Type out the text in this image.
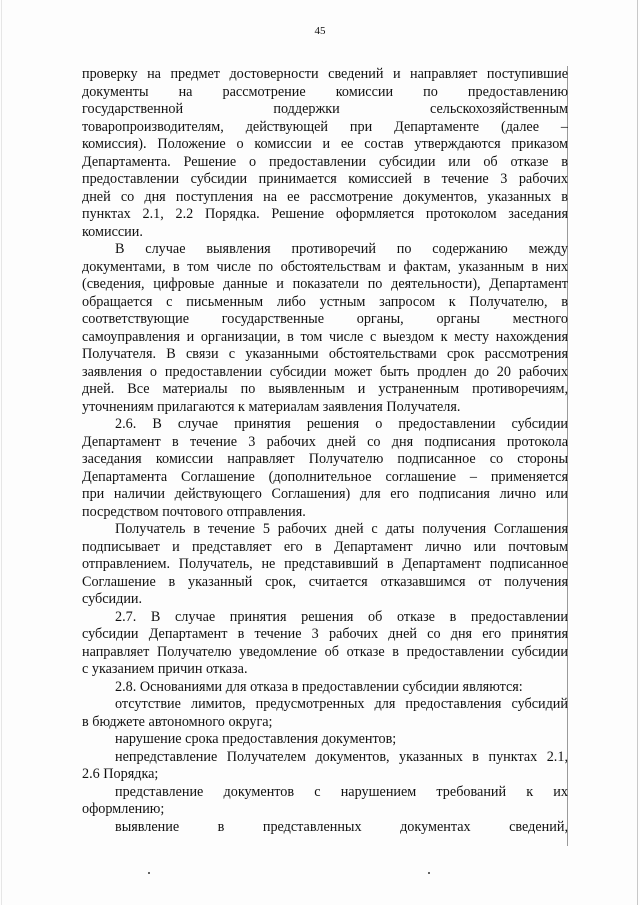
45
проверку на предмет достоверности сведений и направляет поступившие
документы на рассмотрение комиссии по предоставлению
государственной поддержки сельскохозяйственным
товаропроизводителям, действующей при Департаменте (далее –
комиссия). Положение о комиссии и ее состав утверждаются приказом
Департамента. Решение о предоставлении субсидии или об отказе в
предоставлении субсидии принимается комиссией в течение 3 рабочих
дней со дня поступления на ее рассмотрение документов, указанных в
пунктах 2.1, 2.2 Порядка. Решение оформляется протоколом заседания
комиссии.
В случае выявления противоречий по содержанию между
документами, в том числе по обстоятельствам и фактам, указанным в них
(сведения, цифровые данные и показатели по деятельности), Департамент
обращается с письменным либо устным запросом к Получателю, в
соответствующие государственные органы, органы местного
самоуправления и организации, в том числе с выездом к месту нахождения
Получателя. В связи с указанными обстоятельствами срок рассмотрения
заявления о предоставлении субсидии может быть продлен до 20 рабочих
дней. Все материалы по выявленным и устраненным противоречиям,
уточнениям прилагаются к материалам заявления Получателя.
2.6. В случае принятия решения о предоставлении субсидии
Департамент в течение 3 рабочих дней со дня подписания протокола
заседания комиссии направляет Получателю подписанное со стороны
Департамента Соглашение (дополнительное соглашение – применяется
при наличии действующего Соглашения) для его подписания лично или
посредством почтового отправления.
Получатель в течение 5 рабочих дней с даты получения Соглашения
подписывает и представляет его в Департамент лично или почтовым
отправлением. Получатель, не представивший в Департамент подписанное
Соглашение в указанный срок, считается отказавшимся от получения
субсидии.
2.7. В случае принятия решения об отказе в предоставлении
субсидии Департамент в течение 3 рабочих дней со дня его принятия
направляет Получателю уведомление об отказе в предоставлении субсидии
с указанием причин отказа.
2.8. Основаниями для отказа в предоставлении субсидии являются:
отсутствие лимитов, предусмотренных для предоставления субсидий
в бюджете автономного округа;
нарушение срока предоставления документов;
непредставление Получателем документов, указанных в пунктах 2.1,
2.6 Порядка;
представление документов с нарушением требований к их
оформлению;
выявление в представленных документах сведений,
